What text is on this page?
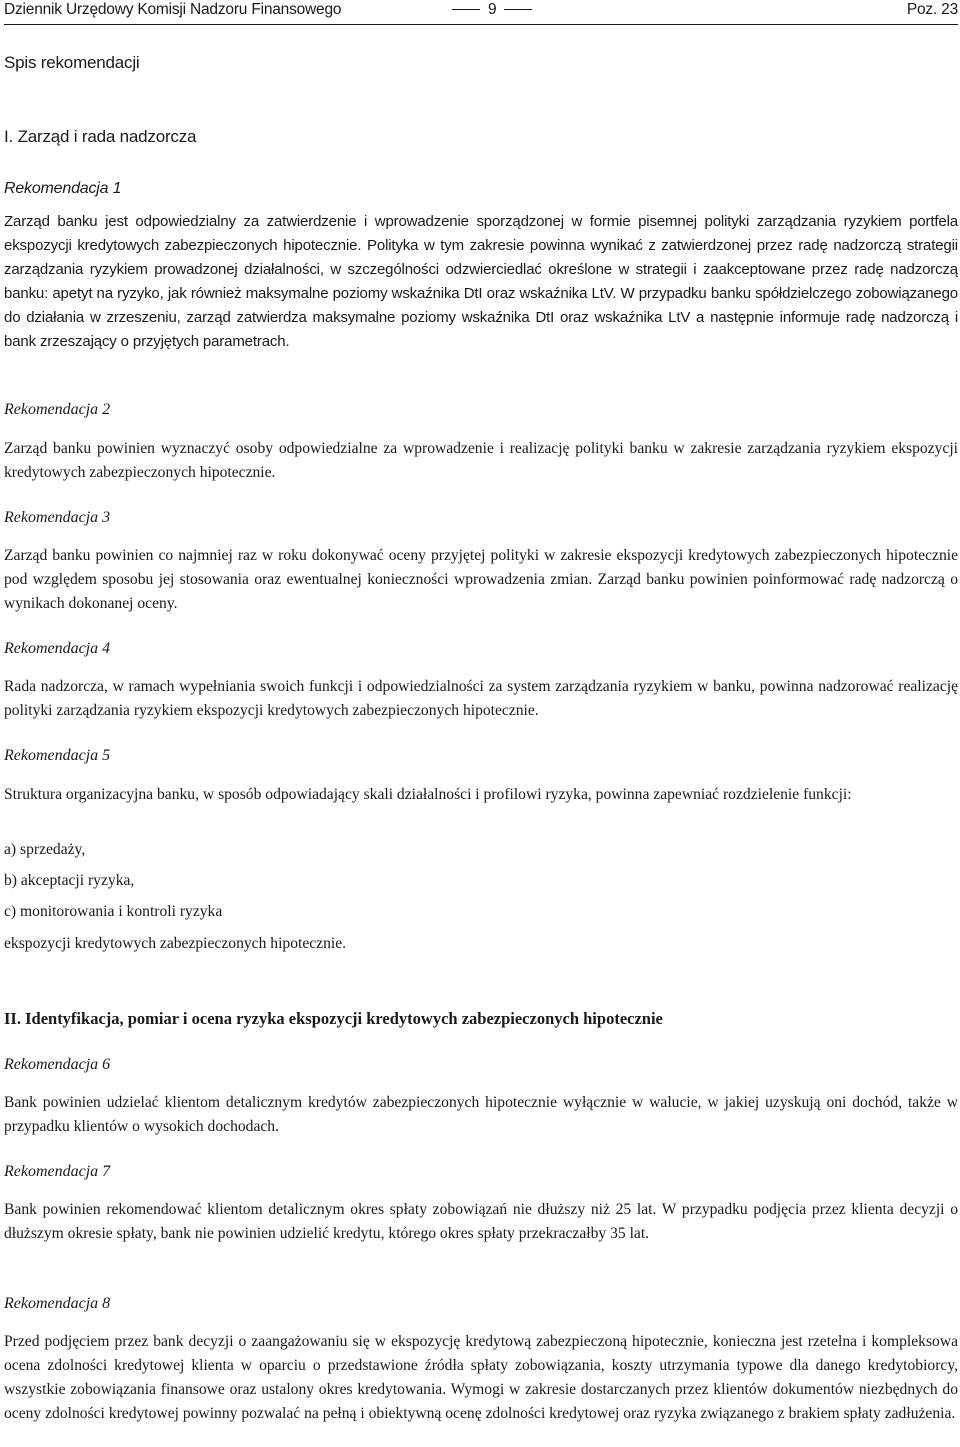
Dziennik Urzędowy Komisji Nadzoru Finansowego	9	Poz. 23
Spis rekomendacji
I. Zarząd i rada nadzorcza
Rekomendacja 1

Zarząd banku jest odpowiedzialny za zatwierdzenie i wprowadzenie sporządzonej w formie pisemnej polityki zarządzania ryzykiem portfela ekspozycji kredytowych zabezpieczonych hipotecznie. Polityka w tym zakresie powinna wynikać z zatwierdzonej przez radę nadzorczą strategii zarządzania ryzykiem prowadzonej działalności, w szczególności odzwierciedlać określone w strategii i zaakceptowane przez radę nadzorczą banku: apetyt na ryzyko, jak również maksymalne poziomy wskaźnika DtI oraz wskaźnika LtV. W przypadku banku spółdzielczego zobowiązanego do działania w zrzeszeniu, zarząd zatwierdza maksymalne poziomy wskaźnika DtI oraz wskaźnika LtV a następnie informuje radę nadzorczą i bank zrzeszający o przyjętych parametrach.

Rekomendacja 2

Zarząd banku powinien wyznaczyć osoby odpowiedzialne za wprowadzenie i realizację polityki banku w zakresie zarządzania ryzykiem ekspozycji kredytowych zabezpieczonych hipotecznie.

Rekomendacja 3

Zarząd banku powinien co najmniej raz w roku dokonywać oceny przyjętej polityki w zakresie ekspozycji kredytowych zabezpieczonych hipotecznie pod względem sposobu jej stosowania oraz ewentualnej konieczności wprowadzenia zmian. Zarząd banku powinien poinformować radę nadzorczą o wynikach dokonanej oceny.

Rekomendacja 4

Rada nadzorcza, w ramach wypełniania swoich funkcji i odpowiedzialności za system zarządzania ryzykiem w banku, powinna nadzorować realizację polityki zarządzania ryzykiem ekspozycji kredytowych zabezpieczonych hipotecznie.

Rekomendacja 5

Struktura organizacyjna banku, w sposób odpowiadający skali działalności i profilowi ryzyka, powinna zapewniać rozdzielenie funkcji:

a) sprzedaży,

b) akceptacji ryzyka,

c) monitorowania i kontroli ryzyka

ekspozycji kredytowych zabezpieczonych hipotecznie.

II. Identyfikacja, pomiar i ocena ryzyka ekspozycji kredytowych zabezpieczonych hipotecznie
Rekomendacja 6

Bank powinien udzielać klientom detalicznym kredytów zabezpieczonych hipotecznie wyłącznie w walucie, w jakiej uzyskują oni dochód, także w przypadku klientów o wysokich dochodach.

Rekomendacja 7

Bank powinien rekomendować klientom detalicznym okres spłaty zobowiązań nie dłuższy niż 25 lat. W przypadku podjęcia przez klienta decyzji o dłuższym okresie spłaty, bank nie powinien udzielić kredytu, którego okres spłaty przekraczałby 35 lat.

Rekomendacja 8

Przed podjęciem przez bank decyzji o zaangażowaniu się w ekspozycję kredytową zabezpieczoną hipotecznie, konieczna jest rzetelna i kompleksowa ocena zdolności kredytowej klienta w oparciu o przedstawione źródła spłaty zobowiązania, koszty utrzymania typowe dla danego kredytobiorcy, wszystkie zobowiązania finansowe oraz ustalony okres kredytowania. Wymogi w zakresie dostarczanych przez klientów dokumentów niezbędnych do oceny zdolności kredytowej powinny pozwalać na pełną i obiektywną ocenę zdolności kredytowej oraz ryzyka związanego z brakiem spłaty zadłużenia.
